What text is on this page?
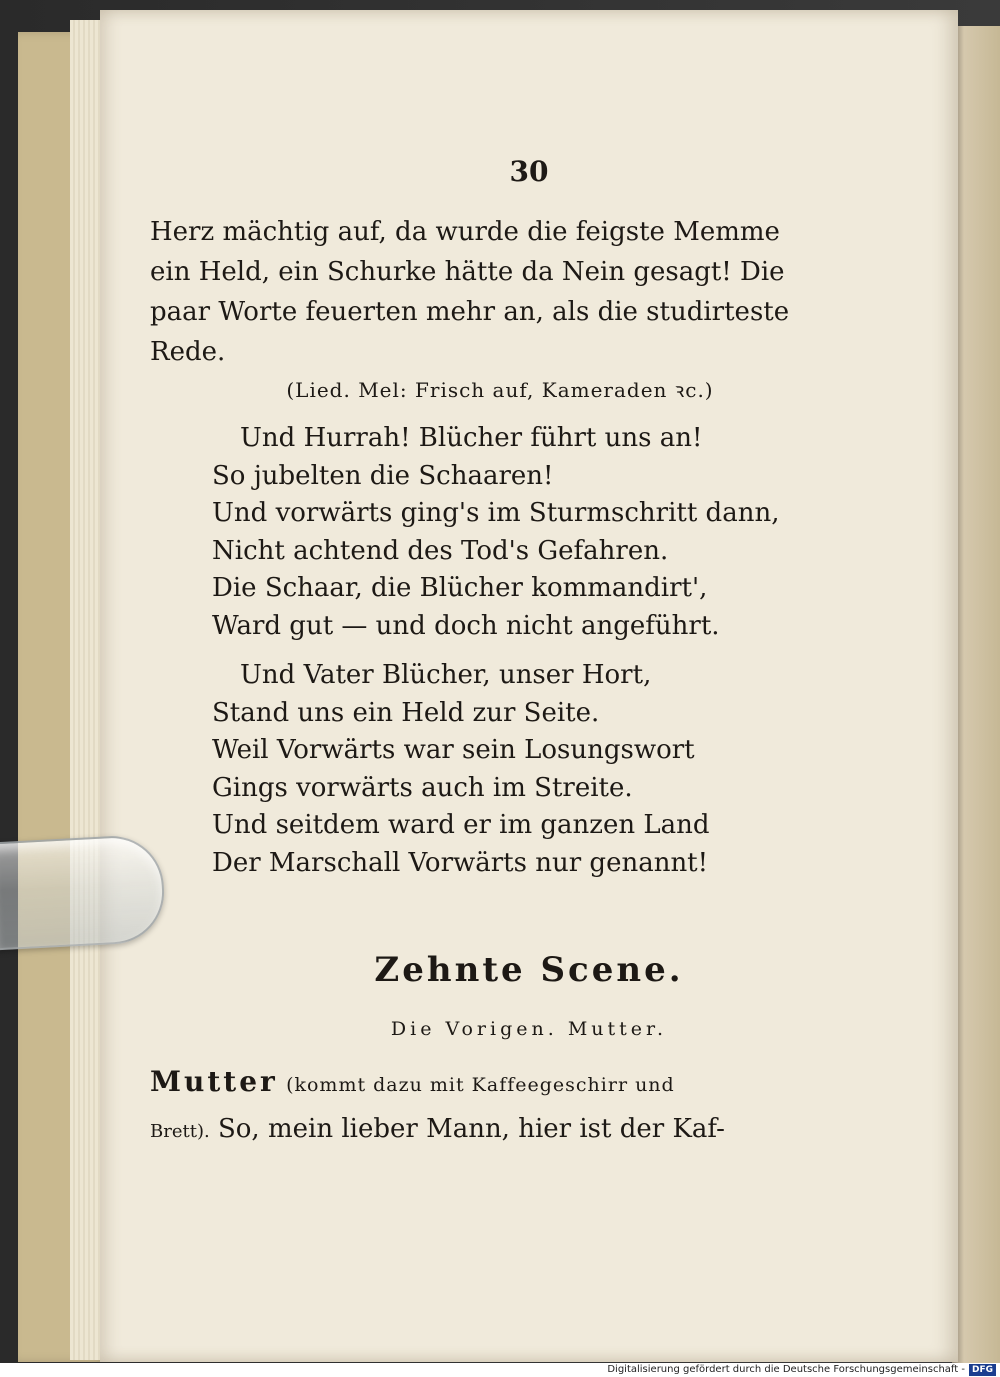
30
Herz mächtig auf, da wurde die feigste Memme
ein Held, ein Schurke hätte da Nein gesagt! Die
paar Worte feuerten mehr an, als die studirteste
Rede.
(Lied. Mel: Frisch auf, Kameraden ꝛc.)
Und Hurrah! Blücher führt uns an!
So jubelten die Schaaren!
Und vorwärts ging's im Sturmschritt dann,
Nicht achtend des Tod's Gefahren.
Die Schaar, die Blücher kommandirt',
Ward gut — und doch nicht angeführt.
Und Vater Blücher, unser Hort,
Stand uns ein Held zur Seite.
Weil Vorwärts war sein Losungswort
Gings vorwärts auch im Streite.
Und seitdem ward er im ganzen Land
Der Marschall Vorwärts nur genannt!
Zehnte Scene.
Die Vorigen. Mutter.
Mutter (kommt dazu mit Kaffeegeschirr und
Brett). So, mein lieber Mann, hier ist der Kaf-
Digitalisierung gefördert durch die Deutsche Forschungsgemeinschaft - DFG
